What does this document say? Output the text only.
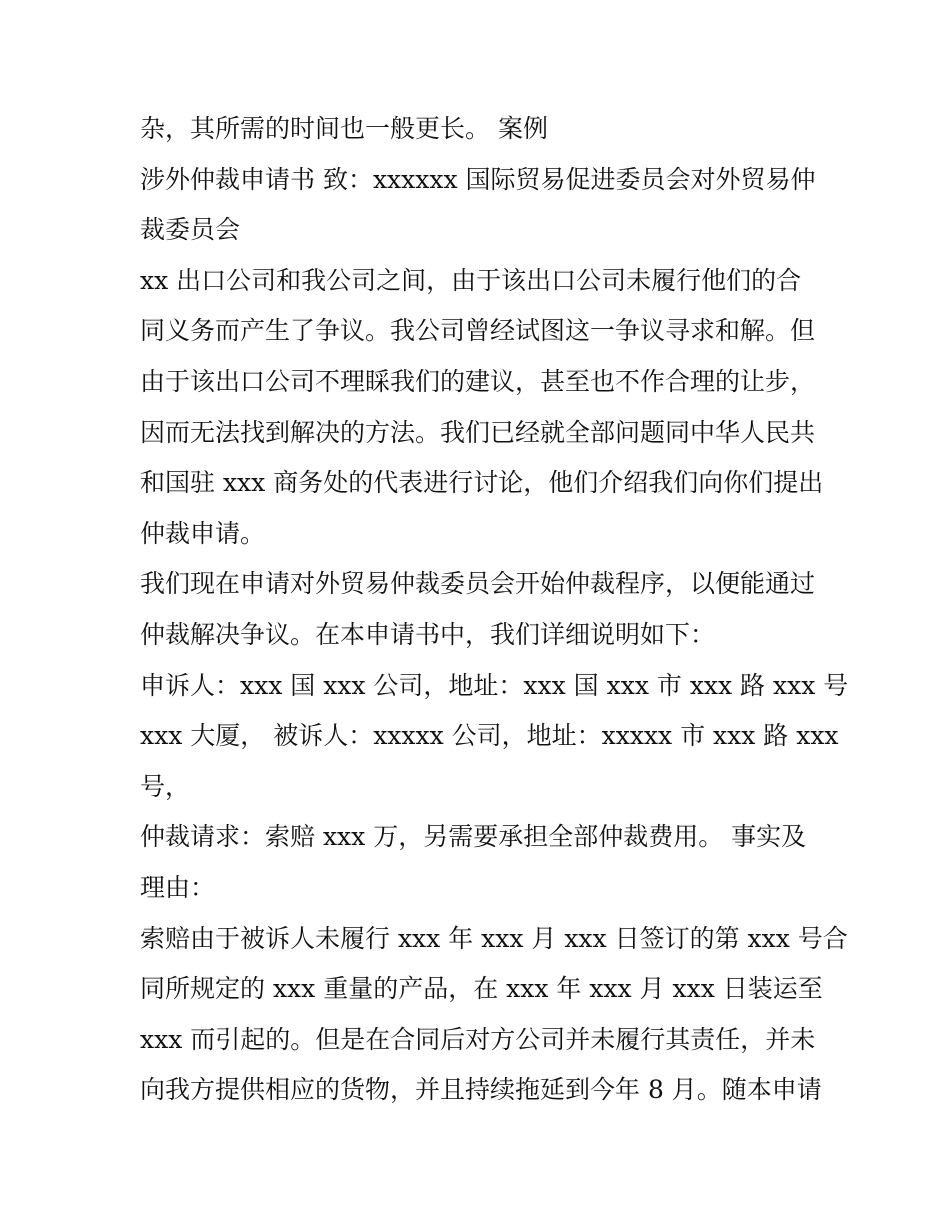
杂，其所需的时间也一般更长。 案例
涉外仲裁申请书 致：xxxxxx 国际贸易促进委员会对外贸易仲
裁委员会
xx 出口公司和我公司之间，由于该出口公司未履行他们的合
同义务而产生了争议。我公司曾经试图这一争议寻求和解。但
由于该出口公司不理睬我们的建议，甚至也不作合理的让步，
因而无法找到解决的方法。我们已经就全部问题同中华人民共
和国驻 xxx 商务处的代表进行讨论，他们介绍我们向你们提出
仲裁申请。
我们现在申请对外贸易仲裁委员会开始仲裁程序，以便能通过
仲裁解决争议。在本申请书中，我们详细说明如下：
申诉人：xxx 国 xxx 公司，地址：xxx 国 xxx 市 xxx 路 xxx 号
xxx 大厦， 被诉人：xxxxx 公司，地址：xxxxx 市 xxx 路 xxx
号，
仲裁请求：索赔 xxx 万，另需要承担全部仲裁费用。 事实及
理由：
索赔由于被诉人未履行 xxx 年 xxx 月 xxx 日签订的第 xxx 号合
同所规定的 xxx 重量的产品，在 xxx 年 xxx 月 xxx 日装运至
xxx 而引起的。但是在合同后对方公司并未履行其责任，并未
向我方提供相应的货物，并且持续拖延到今年 8 月。随本申请
